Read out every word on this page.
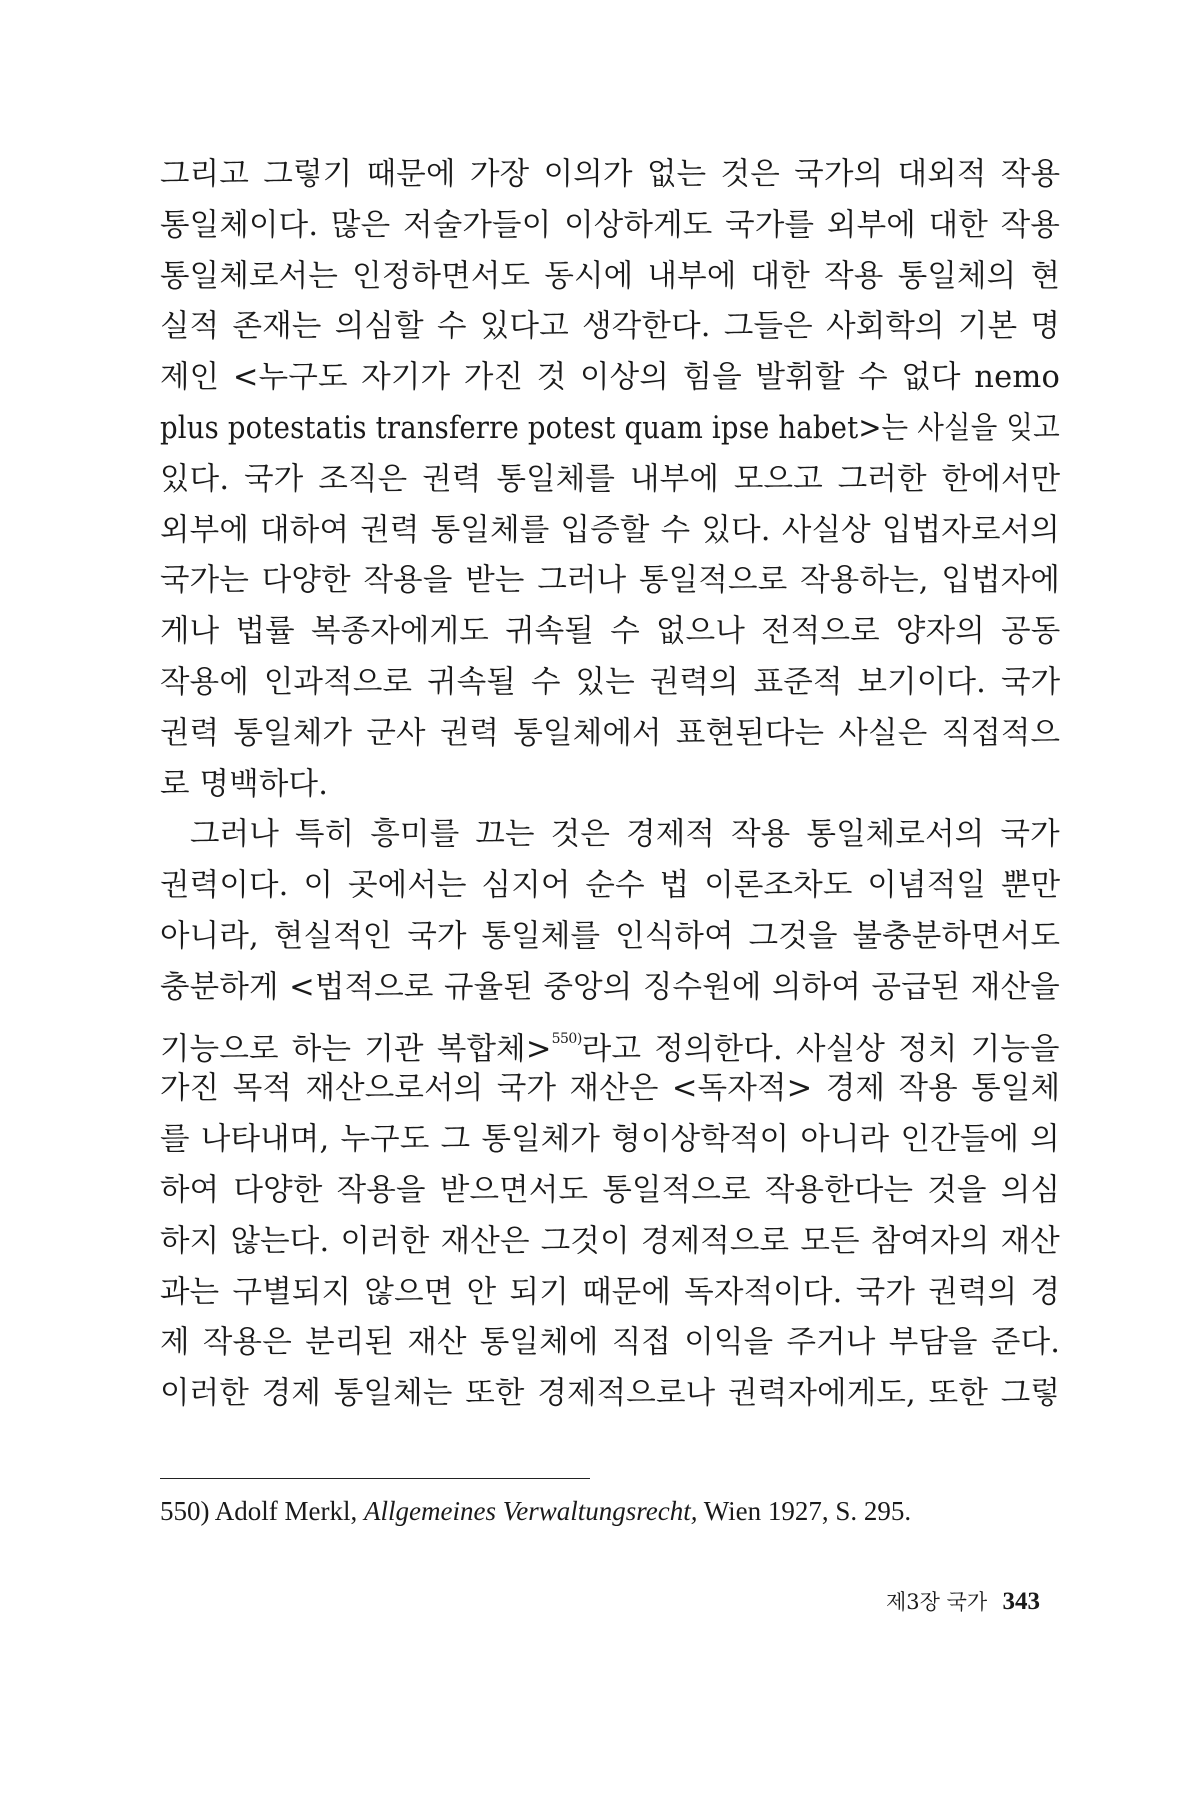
그리고 그렇기 때문에 가장 이의가 없는 것은 국가의 대외적 작용
통일체이다. 많은 저술가들이 이상하게도 국가를 외부에 대한 작용
통일체로서는 인정하면서도 동시에 내부에 대한 작용 통일체의 현
실적 존재는 의심할 수 있다고 생각한다. 그들은 사회학의 기본 명
제인 <누구도 자기가 가진 것 이상의 힘을 발휘할 수 없다 nemo
plus potestatis transferre potest quam ipse habet>는 사실을 잊고
있다. 국가 조직은 권력 통일체를 내부에 모으고 그러한 한에서만
외부에 대하여 권력 통일체를 입증할 수 있다. 사실상 입법자로서의
국가는 다양한 작용을 받는 그러나 통일적으로 작용하는, 입법자에
게나 법률 복종자에게도 귀속될 수 없으나 전적으로 양자의 공동
작용에 인과적으로 귀속될 수 있는 권력의 표준적 보기이다. 국가
권력 통일체가 군사 권력 통일체에서 표현된다는 사실은 직접적으
로 명백하다.
그러나 특히 흥미를 끄는 것은 경제적 작용 통일체로서의 국가
권력이다. 이 곳에서는 심지어 순수 법 이론조차도 이념적일 뿐만
아니라, 현실적인 국가 통일체를 인식하여 그것을 불충분하면서도
충분하게 <법적으로 규율된 중앙의 징수원에 의하여 공급된 재산을
기능으로 하는 기관 복합체>$^{550)}$라고 정의한다. 사실상 정치 기능을
가진 목적 재산으로서의 국가 재산은 <독자적> 경제 작용 통일체
를 나타내며, 누구도 그 통일체가 형이상학적이 아니라 인간들에 의
하여 다양한 작용을 받으면서도 통일적으로 작용한다는 것을 의심
하지 않는다. 이러한 재산은 그것이 경제적으로 모든 참여자의 재산
과는 구별되지 않으면 안 되기 때문에 독자적이다. 국가 권력의 경
제 작용은 분리된 재산 통일체에 직접 이익을 주거나 부담을 준다.
이러한 경제 통일체는 또한 경제적으로나 권력자에게도, 또한 그렇
550) Adolf Merkl, Allgemeines Verwaltungsrecht, Wien 1927, S. 295.
제3장 국가 343
